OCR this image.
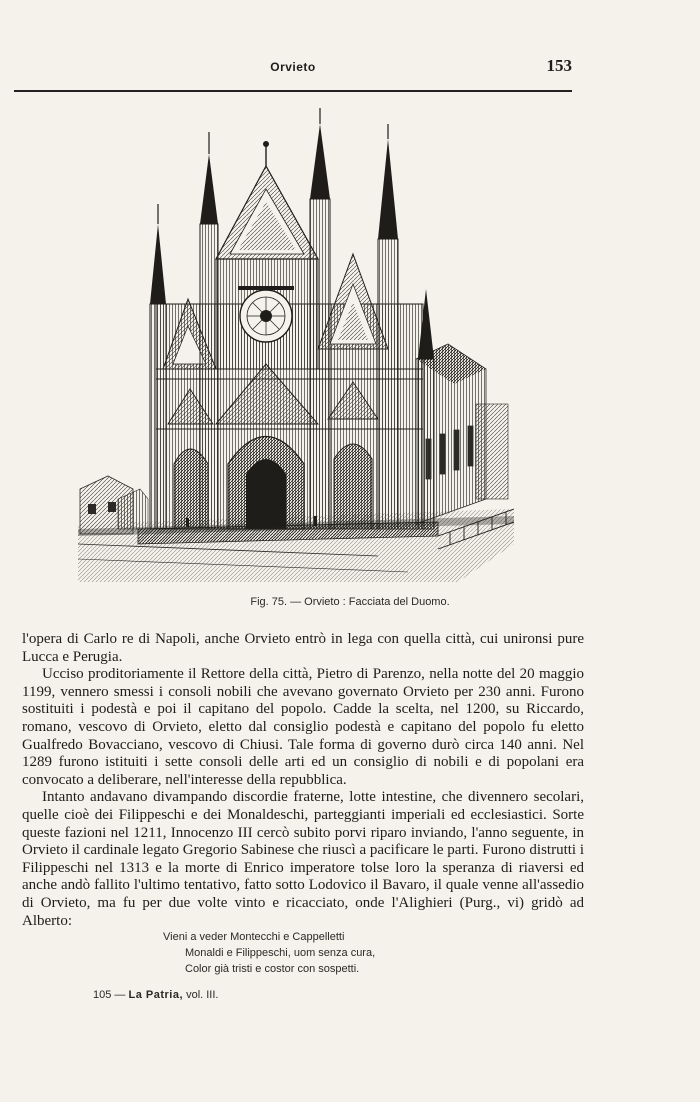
Orvieto	153
Fig. 75. — Orvieto : Facciata del Duomo.

l'opera di Carlo re di Napoli, anche Orvieto entrò in lega con quella città, cui unironsi pure Lucca e Perugia.

Ucciso proditoriamente il Rettore della città, Pietro di Parenzo, nella notte del 20 maggio 1199, vennero smessi i consoli nobili che avevano governato Orvieto per 230 anni. Furono sostituiti i podestà e poi il capitano del popolo. Cadde la scelta, nel 1200, su Riccardo, romano, vescovo di Orvieto, eletto dal consiglio podestà e capitano del popolo fu eletto Gualfredo Bovacciano, vescovo di Chiusi. Tale forma di governo durò circa 140 anni. Nel 1289 furono istituiti i sette consoli delle arti ed un consiglio di nobili e di popolani era convocato a deliberare, nell'interesse della repubblica.

Intanto andavano divampando discordie fraterne, lotte intestine, che divennero secolari, quelle cioè dei Filippeschi e dei Monaldeschi, parteggianti imperiali ed ecclesiastici. Sorte queste fazioni nel 1211, Innocenzo III cercò subito porvi riparo inviando, l'anno seguente, in Orvieto il cardinale legato Gregorio Sabinese che riuscì a pacificare le parti. Furono distrutti i Filippeschi nel 1313 e la morte di Enrico imperatore tolse loro la speranza di riaversi ed anche andò fallito l'ultimo tentativo, fatto sotto Lodovico il Bavaro, il quale venne all'assedio di Orvieto, ma fu per due volte vinto e ricacciato, onde l'Alighieri (Purg., vi) gridò ad Alberto:

Vieni a veder Montecchi e Cappelletti
Monaldi e Filippeschi, uom senza cura,
Color già tristi e costor con sospetti.
105 — La Patria, vol. III.
